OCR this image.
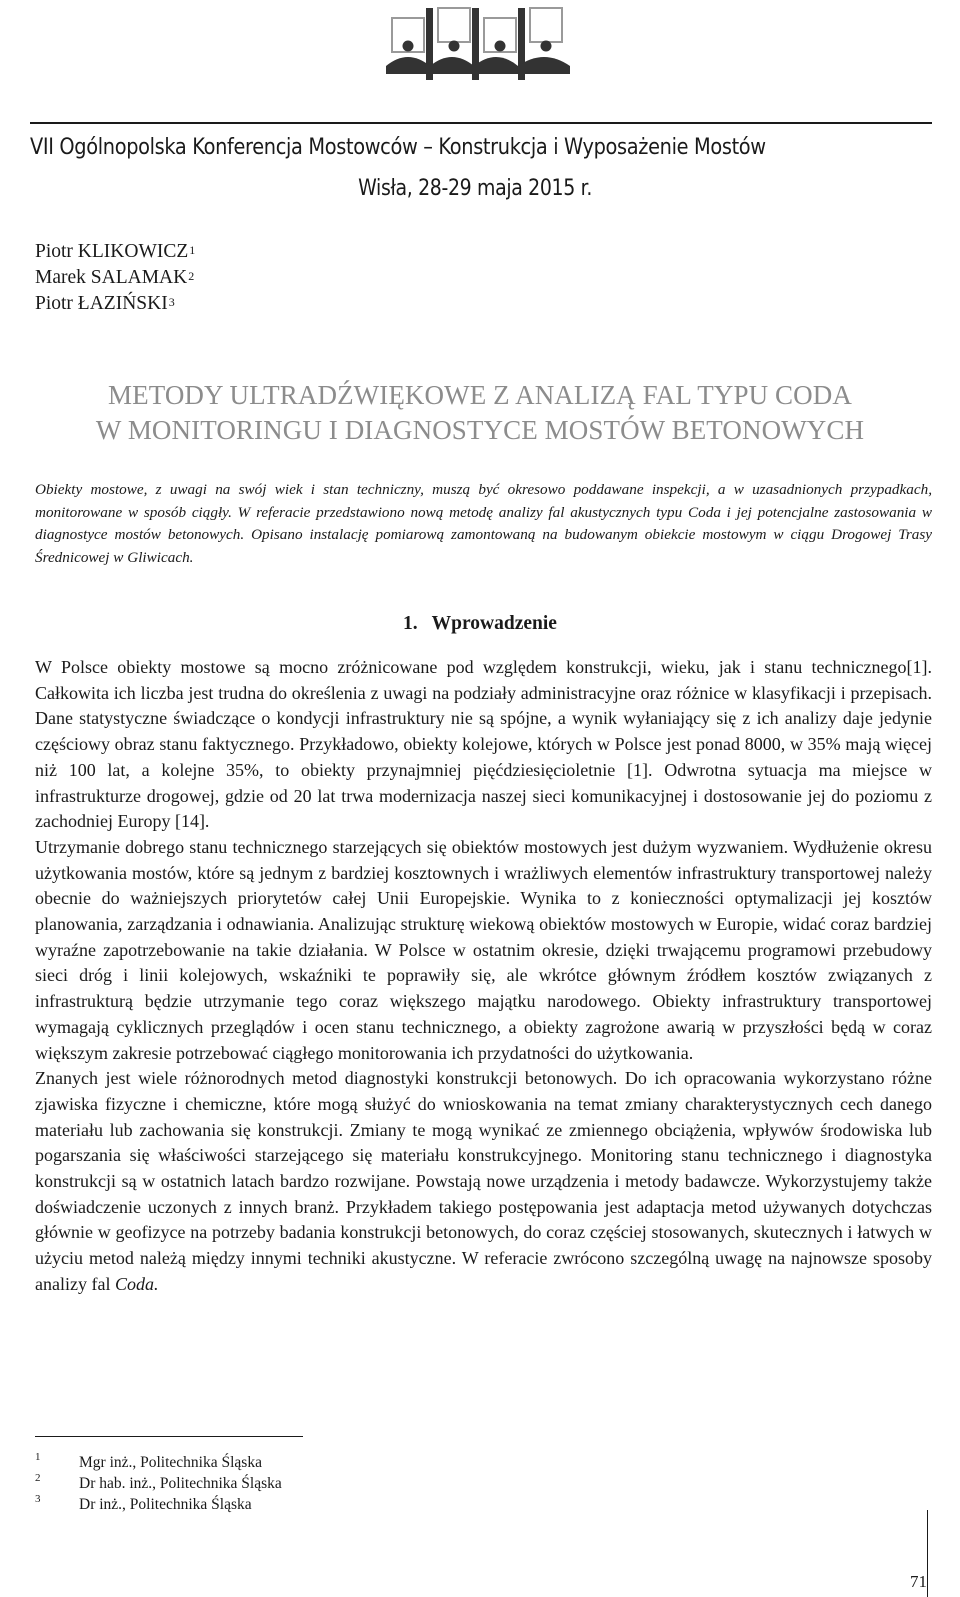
VII Ogólnopolska Konferencja Mostowców – Konstrukcja i Wyposażenie Mostów
Wisła, 28-29 maja 2015 r.
Piotr KLIKOWICZ$^1$
Marek SALAMAK$^2$
Piotr ŁAZIŃSKI$^3$
METODY ULTRADŹWIĘKOWE Z ANALIZĄ FAL TYPU CODA
W MONITORINGU I DIAGNOSTYCE MOSTÓW BETONOWYCH
Obiekty mostowe, z uwagi na swój wiek i stan techniczny, muszą być okresowo poddawane inspekcji, a w uzasadnionych przypadkach, monitorowane w sposób ciągły. W referacie przedstawiono nową metodę analizy fal akustycznych typu Coda i jej potencjalne zastosowania w diagnostyce mostów betonowych. Opisano instalację pomiarową zamontowaną na budowanym obiekcie mostowym w ciągu Drogowej Trasy Średnicowej w Gliwicach.
1. Wprowadzenie

W Polsce obiekty mostowe są mocno zróżnicowane pod względem konstrukcji, wieku, jak i stanu technicznego[1]. Całkowita ich liczba jest trudna do określenia z uwagi na podziały administracyjne oraz różnice w klasyfikacji i przepisach. Dane statystyczne świadczące o kondycji infrastruktury nie są spójne, a wynik wyłaniający się z ich analizy daje jedynie częściowy obraz stanu faktycznego. Przykładowo, obiekty kolejowe, których w Polsce jest ponad 8000, w 35% mają więcej niż 100 lat, a kolejne 35%, to obiekty przynajmniej pięćdziesięcioletnie [1]. Odwrotna sytuacja ma miejsce w infrastrukturze drogowej, gdzie od 20 lat trwa modernizacja naszej sieci komunikacyjnej i dostosowanie jej do poziomu z zachodniej Europy [14].

Utrzymanie dobrego stanu technicznego starzejących się obiektów mostowych jest dużym wyzwaniem. Wydłużenie okresu użytkowania mostów, które są jednym z bardziej kosztownych i wrażliwych elementów infrastruktury transportowej należy obecnie do ważniejszych priorytetów całej Unii Europejskie. Wynika to z konieczności optymalizacji jej kosztów planowania, zarządzania i odnawiania. Analizując strukturę wiekową obiektów mostowych w Europie, widać coraz bardziej wyraźne zapotrzebowanie na takie działania. W Polsce w ostatnim okresie, dzięki trwającemu programowi przebudowy sieci dróg i linii kolejowych, wskaźniki te poprawiły się, ale wkrótce głównym źródłem kosztów związanych z infrastrukturą będzie utrzymanie tego coraz większego majątku narodowego. Obiekty infrastruktury transportowej wymagają cyklicznych przeglądów i ocen stanu technicznego, a obiekty zagrożone awarią w przyszłości będą w coraz większym zakresie potrzebować ciągłego monitorowania ich przydatności do użytkowania.

Znanych jest wiele różnorodnych metod diagnostyki konstrukcji betonowych. Do ich opracowania wykorzystano różne zjawiska fizyczne i chemiczne, które mogą służyć do wnioskowania na temat zmiany charakterystycznych cech danego materiału lub zachowania się konstrukcji. Zmiany te mogą wynikać ze zmiennego obciążenia, wpływów środowiska lub pogarszania się właściwości starzejącego się materiału konstrukcyjnego. Monitoring stanu technicznego i diagnostyka konstrukcji są w ostatnich latach bardzo rozwijane. Powstają nowe urządzenia i metody badawcze. Wykorzystujemy także doświadczenie uczonych z innych branż. Przykładem takiego postępowania jest adaptacja metod używanych dotychczas głównie w geofizyce na potrzeby badania konstrukcji betonowych, do coraz częściej stosowanych, skutecznych i łatwych w użyciu metod należą między innymi techniki akustyczne. W referacie zwrócono szczególną uwagę na najnowsze sposoby analizy fal Coda.

1 Mgr inż., Politechnika Śląska
2 Dr hab. inż., Politechnika Śląska
3 Dr inż., Politechnika Śląska
71
